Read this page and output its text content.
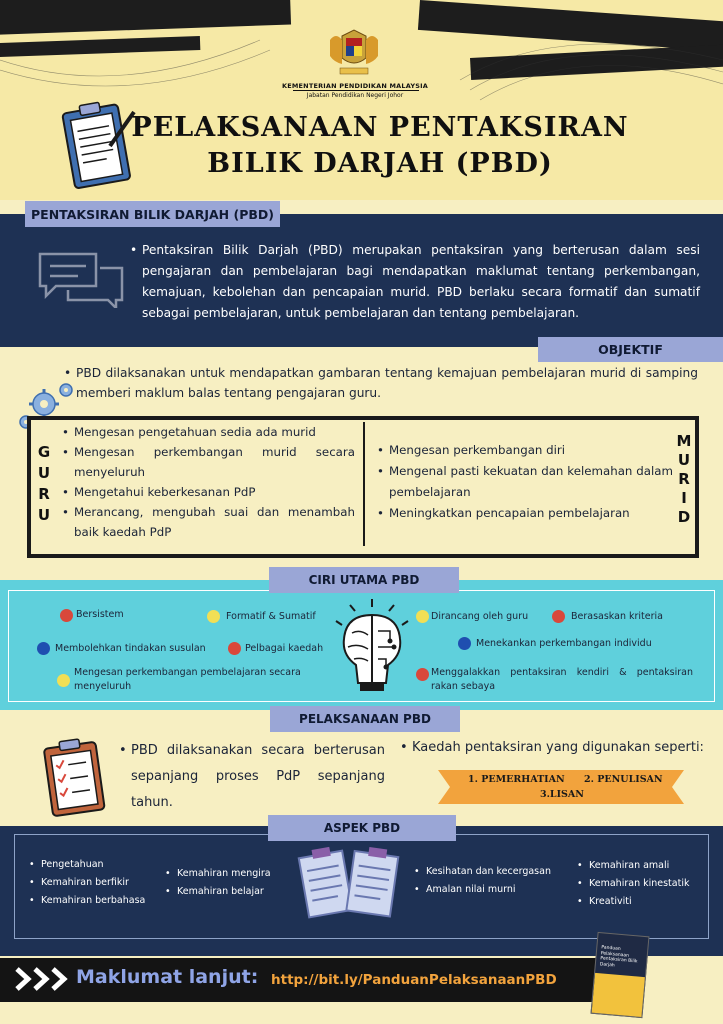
KEMENTERIAN PENDIDIKAN MALAYSIA
Jabatan Pendidikan Negeri Johor
PELAKSANAAN PENTAKSIRAN
BILIK DARJAH (PBD)
PENTAKSIRAN BILIK DARJAH (PBD)
• Pentaksiran Bilik Darjah (PBD) merupakan pentaksiran yang berterusan dalam sesi pengajaran dan pembelajaran bagi mendapatkan maklumat tentang perkembangan, kemajuan, kebolehan dan pencapaian murid. PBD berlaku secara formatif dan sumatif sebagai pembelajaran, untuk pembelajaran dan tentang pembelajaran.
OBJEKTIF
• PBD dilaksanakan untuk mendapatkan gambaran tentang kemajuan pembelajaran murid di samping memberi maklum balas tentang pengajaran guru.
G
U
R
U
• Mengesan pengetahuan sedia ada murid
• Mengesan perkembangan murid secara menyeluruh
• Mengetahui keberkesanan PdP
• Merancang, mengubah suai dan menambah baik kaedah PdP
• Mengesan perkembangan diri
• Mengenal pasti kekuatan dan kelemahan dalam pembelajaran
• Meningkatkan pencapaian pembelajaran
M
U
R
I
D
CIRI UTAMA PBD
Bersistem	Formatif & Sumatif	Dirancang oleh guru	Berasaskan kriteria
Membolehkan tindakan susulan	Pelbagai kaedah	Menekankan perkembangan individu
Mengesan perkembangan pembelajaran secara menyeluruh
Menggalakkan pentaksiran kendiri & pentaksiran rakan sebaya
PELAKSANAAN PBD
• PBD dilaksanakan secara berterusan sepanjang proses PdP sepanjang tahun.
• Kaedah pentaksiran yang digunakan seperti:
1. PEMERHATIAN 2. PENULISAN
3.LISAN
ASPEK PBD
• Pengetahuan
• Kemahiran berfikir
• Kemahiran berbahasa
• Kemahiran mengira
• Kemahiran belajar
• Kesihatan dan kecergasan
• Amalan nilai murni
• Kemahiran amali
• Kemahiran kinestatik
• Kreativiti
Maklumat lanjut: http://bit.ly/PanduanPelaksanaanPBD
Panduan Pelaksanaan Pentaksiran Bilik Darjah
